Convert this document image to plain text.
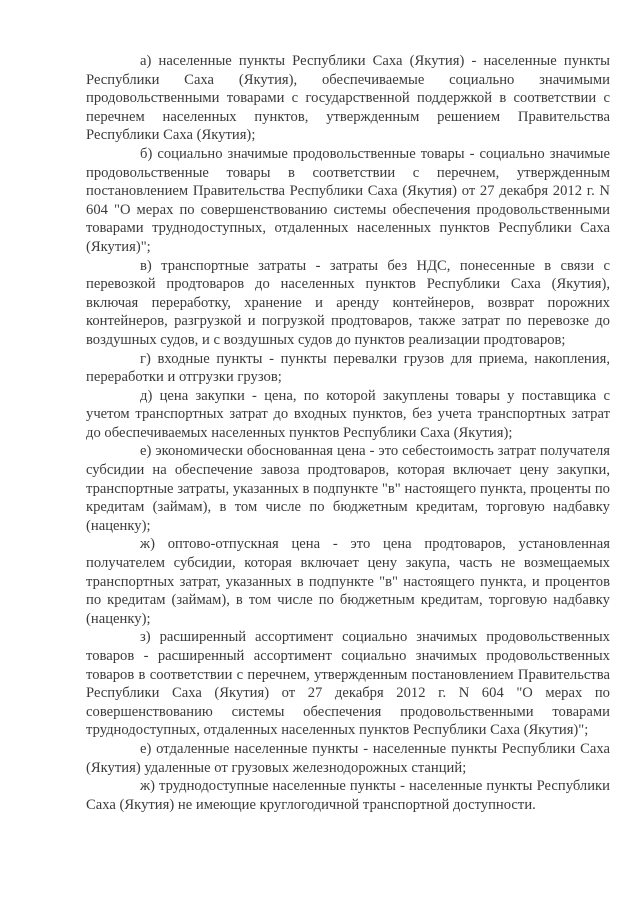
а) населенные пункты Республики Саха (Якутия) - населенные пункты Республики Саха (Якутия), обеспечиваемые социально значимыми продовольственными товарами с государственной поддержкой в соответствии с перечнем населенных пунктов, утвержденным решением Правительства Республики Саха (Якутия);

б) социально значимые продовольственные товары - социально значимые продовольственные товары в соответствии с перечнем, утвержденным постановлением Правительства Республики Саха (Якутия) от 27 декабря 2012 г. N 604 "О мерах по совершенствованию системы обеспечения продовольственными товарами труднодоступных, отдаленных населенных пунктов Республики Саха (Якутия)";

в) транспортные затраты - затраты без НДС, понесенные в связи с перевозкой продтоваров до населенных пунктов Республики Саха (Якутия), включая переработку, хранение и аренду контейнеров, возврат порожних контейнеров, разгрузкой и погрузкой продтоваров, также затрат по перевозке до воздушных судов, и с воздушных судов до пунктов реализации продтоваров;

г) входные пункты - пункты перевалки грузов для приема, накопления, переработки и отгрузки грузов;

д) цена закупки - цена, по которой закуплены товары у поставщика с учетом транспортных затрат до входных пунктов, без учета транспортных затрат до обеспечиваемых населенных пунктов Республики Саха (Якутия);

е) экономически обоснованная цена - это себестоимость затрат получателя субсидии на обеспечение завоза продтоваров, которая включает цену закупки, транспортные затраты, указанных в подпункте "в" настоящего пункта, проценты по кредитам (займам), в том числе по бюджетным кредитам, торговую надбавку (наценку);

ж) оптово-отпускная цена - это цена продтоваров, установленная получателем субсидии, которая включает цену закупа, часть не возмещаемых транспортных затрат, указанных в подпункте "в" настоящего пункта, и процентов по кредитам (займам), в том числе по бюджетным кредитам, торговую надбавку (наценку);

з) расширенный ассортимент социально значимых продовольственных товаров - расширенный ассортимент социально значимых продовольственных товаров в соответствии с перечнем, утвержденным постановлением Правительства Республики Саха (Якутия) от 27 декабря 2012 г. N 604 "О мерах по совершенствованию системы обеспечения продовольственными товарами труднодоступных, отдаленных населенных пунктов Республики Саха (Якутия)";

е) отдаленные населенные пункты - населенные пункты Республики Саха (Якутия) удаленные от грузовых железнодорожных станций;

ж) труднодоступные населенные пункты - населенные пункты Республики Саха (Якутия) не имеющие круглогодичной транспортной доступности.
